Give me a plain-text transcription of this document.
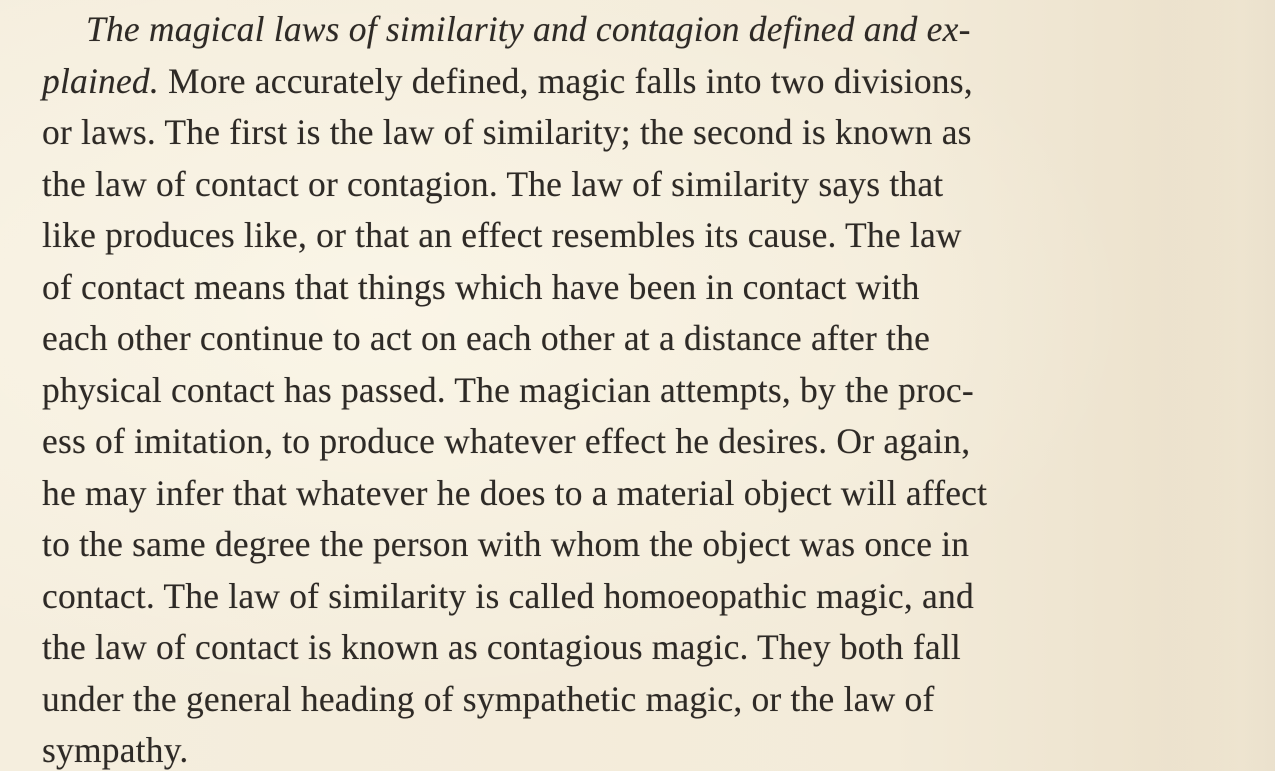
The magical laws of similarity and contagion defined and ex-
plained. More accurately defined, magic falls into two divisions,
or laws. The first is the law of similarity; the second is known as
the law of contact or contagion. The law of similarity says that
like produces like, or that an effect resembles its cause. The law
of contact means that things which have been in contact with
each other continue to act on each other at a distance after the
physical contact has passed. The magician attempts, by the proc-
ess of imitation, to produce whatever effect he desires. Or again,
he may infer that whatever he does to a material object will affect
to the same degree the person with whom the object was once in
contact. The law of similarity is called homoeopathic magic, and
the law of contact is known as contagious magic. They both fall
under the general heading of sympathetic magic, or the law of
sympathy.
